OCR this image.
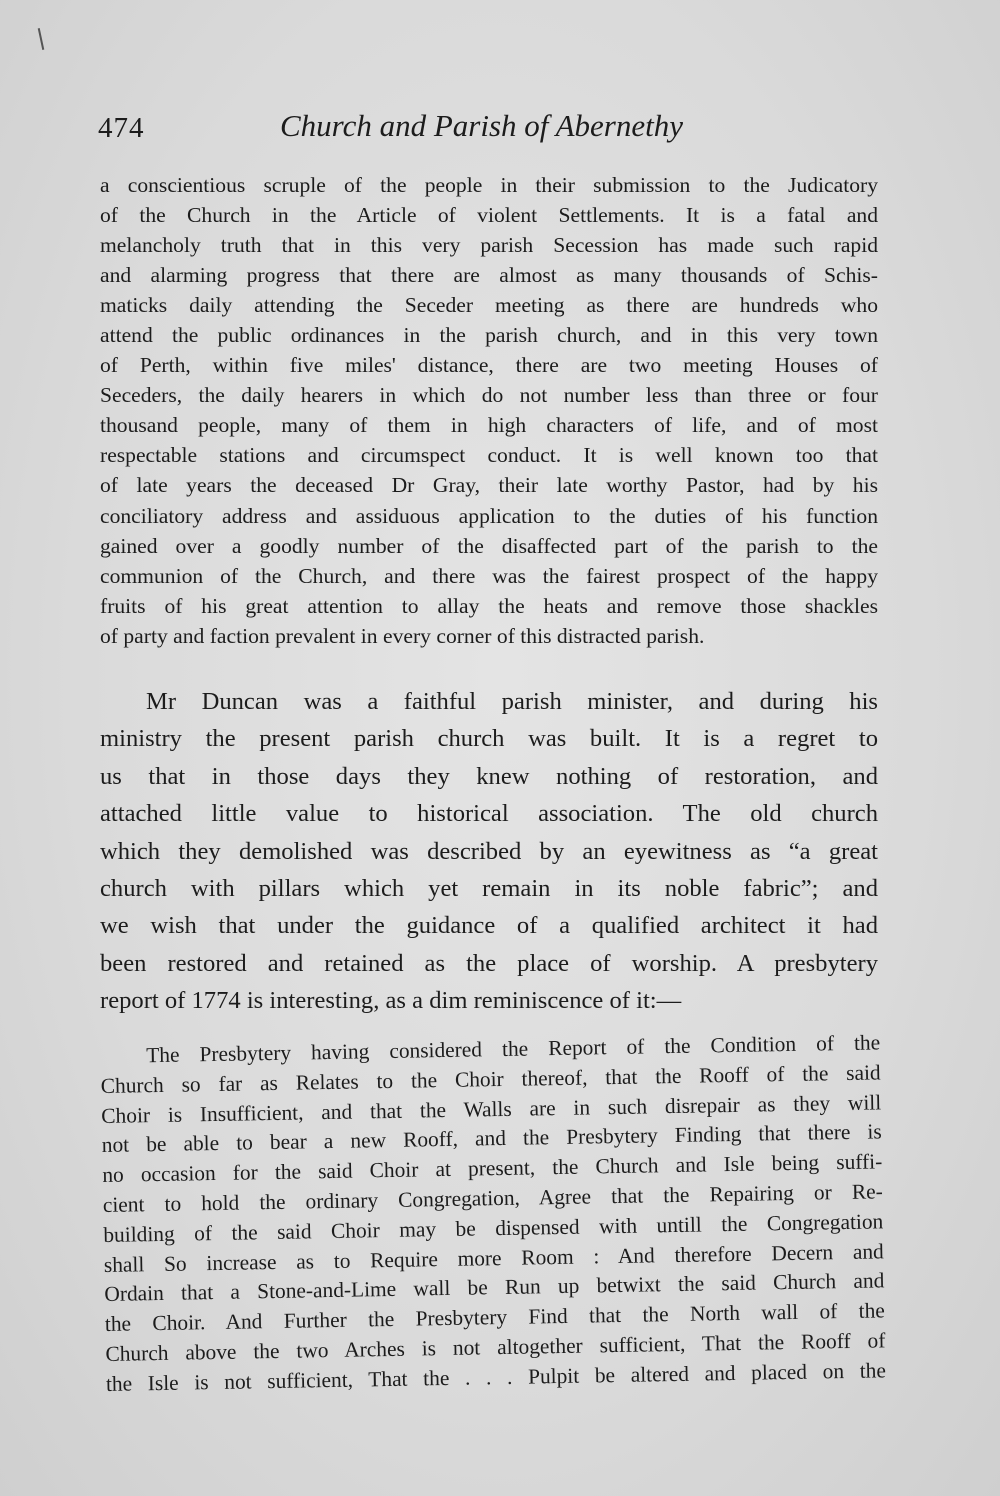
474	Church and Parish of Abernethy

a conscientious scruple of the people in their submission to the Judicatory

of the Church in the Article of violent Settlements. It is a fatal and

melancholy truth that in this very parish Secession has made such rapid

and alarming progress that there are almost as many thousands of Schis-

maticks daily attending the Seceder meeting as there are hundreds who

attend the public ordinances in the parish church, and in this very town

of Perth, within five miles' distance, there are two meeting Houses of

Seceders, the daily hearers in which do not number less than three or four

thousand people, many of them in high characters of life, and of most

respectable stations and circumspect conduct. It is well known too that

of late years the deceased Dr Gray, their late worthy Pastor, had by his

conciliatory address and assiduous application to the duties of his function

gained over a goodly number of the disaffected part of the parish to the

communion of the Church, and there was the fairest prospect of the happy

fruits of his great attention to allay the heats and remove those shackles

of party and faction prevalent in every corner of this distracted parish.

Mr Duncan was a faithful parish minister, and during his

ministry the present parish church was built. It is a regret to

us that in those days they knew nothing of restoration, and

attached little value to historical association. The old church

which they demolished was described by an eyewitness as “a great

church with pillars which yet remain in its noble fabric”; and

we wish that under the guidance of a qualified architect it had

been restored and retained as the place of worship. A presbytery

report of 1774 is interesting, as a dim reminiscence of it:—

The Presbytery having considered the Report of the Condition of the

Church so far as Relates to the Choir thereof, that the Rooff of the said

Choir is Insufficient, and that the Walls are in such disrepair as they will

not be able to bear a new Rooff, and the Presbytery Finding that there is

no occasion for the said Choir at present, the Church and Isle being suffi-

cient to hold the ordinary Congregation, Agree that the Repairing or Re-

building of the said Choir may be dispensed with untill the Congregation

shall So increase as to Require more Room : And therefore Decern and

Ordain that a Stone-and-Lime wall be Run up betwixt the said Church and

the Choir. And Further the Presbytery Find that the North wall of the

Church above the two Arches is not altogether sufficient, That the Rooff of

the Isle is not sufficient, That the . . . Pulpit be altered and placed on the
